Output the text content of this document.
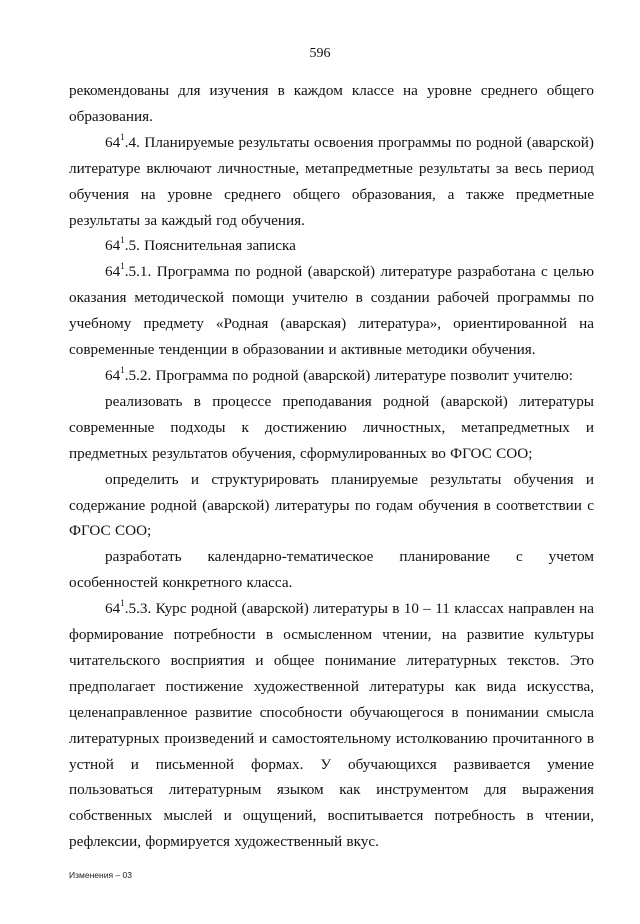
596

рекомендованы для изучения в каждом классе на уровне среднего общего образования.

$64^1.4$. Планируемые результаты освоения программы по родной (аварской) литературе включают личностные, метапредметные результаты за весь период обучения на уровне среднего общего образования, а также предметные результаты за каждый год обучения.

$64^1.5$. Пояснительная записка

$64^1.5.1$. Программа по родной (аварской) литературе разработана с целью оказания методической помощи учителю в создании рабочей программы по учебному предмету «Родная (аварская) литература», ориентированной на современные тенденции в образовании и активные методики обучения.

$64^1.5.2$. Программа по родной (аварской) литературе позволит учителю:

реализовать в процессе преподавания родной (аварской) литературы современные подходы к достижению личностных, метапредметных и предметных результатов обучения, сформулированных во ФГОС СОО;

определить и структурировать планируемые результаты обучения и содержание родной (аварской) литературы по годам обучения в соответствии с ФГОС СОО;

разработать календарно-тематическое планирование с учетом особенностей конкретного класса.

$64^1.5.3$. Курс родной (аварской) литературы в 10 – 11 классах направлен на формирование потребности в осмысленном чтении, на развитие культуры читательского восприятия и общее понимание литературных текстов. Это предполагает постижение художественной литературы как вида искусства, целенаправленное развитие способности обучающегося в понимании смысла литературных произведений и самостоятельному истолкованию прочитанного в устной и письменной формах. У обучающихся развивается умение пользоваться литературным языком как инструментом для выражения собственных мыслей и ощущений, воспитывается потребность в чтении, рефлексии, формируется художественный вкус.

Изменения – 03
